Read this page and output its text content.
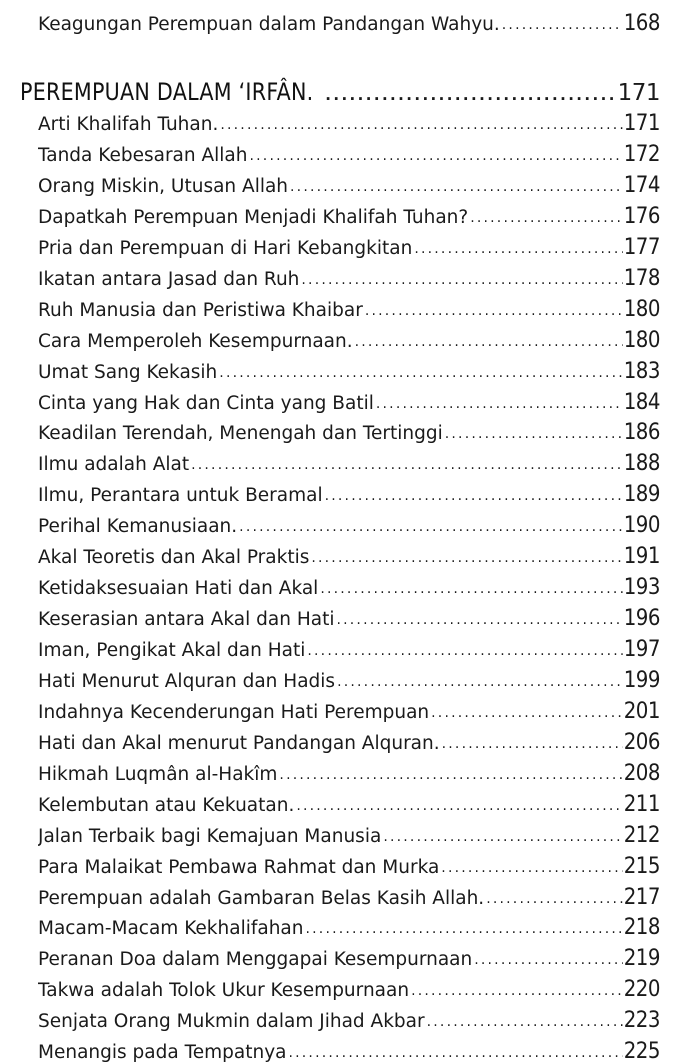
Keagungan Perempuan dalam Pandangan Wahyu. .....	168
PEREMPUAN DALAM ‘IRFÂN. .....	171
Arti Khalifah Tuhan. .....	171
Tanda Kebesaran Allah .....	172
Orang Miskin, Utusan Allah .....	174
Dapatkah Perempuan Menjadi Khalifah Tuhan? .....	176
Pria dan Perempuan di Hari Kebangkitan .....	177
Ikatan antara Jasad dan Ruh .....	178
Ruh Manusia dan Peristiwa Khaibar .....	180
Cara Memperoleh Kesempurnaan. .....	180
Umat Sang Kekasih .....	183
Cinta yang Hak dan Cinta yang Batil .....	184
Keadilan Terendah, Menengah dan Tertinggi .....	186
Ilmu adalah Alat .....	188
Ilmu, Perantara untuk Beramal .....	189
Perihal Kemanusiaan. .....	190
Akal Teoretis dan Akal Praktis .....	191
Ketidaksesuaian Hati dan Akal .....	193
Keserasian antara Akal dan Hati .....	196
Iman, Pengikat Akal dan Hati .....	197
Hati Menurut Alquran dan Hadis .....	199
Indahnya Kecenderungan Hati Perempuan .....	201
Hati dan Akal menurut Pandangan Alquran. .....	206
Hikmah Luqmân al-Hakîm .....	208
Kelembutan atau Kekuatan. .....	211
Jalan Terbaik bagi Kemajuan Manusia .....	212
Para Malaikat Pembawa Rahmat dan Murka .....	215
Perempuan adalah Gambaran Belas Kasih Allah. .....	217
Macam-Macam Kekhalifahan .....	218
Peranan Doa dalam Menggapai Kesempurnaan .....	219
Takwa adalah Tolok Ukur Kesempurnaan .....	220
Senjata Orang Mukmin dalam Jihad Akbar .....	223
Menangis pada Tempatnya .....	225
